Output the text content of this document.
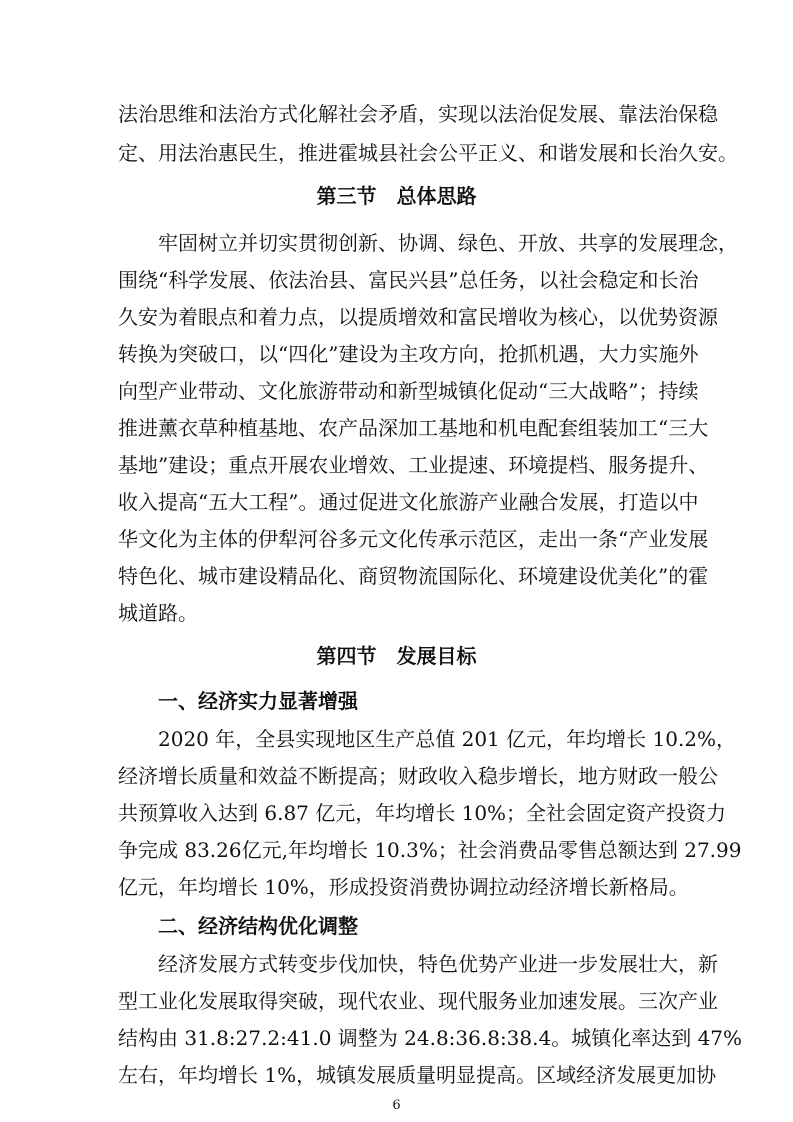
法治思维和法治方式化解社会矛盾，实现以法治促发展、靠法治保稳
定、用法治惠民生，推进霍城县社会公平正义、和谐发展和长治久安。
第三节　总体思路
牢固树立并切实贯彻创新、协调、绿色、开放、共享的发展理念，
围绕“科学发展、依法治县、富民兴县”总任务，以社会稳定和长治
久安为着眼点和着力点，以提质增效和富民增收为核心，以优势资源
转换为突破口，以“四化”建设为主攻方向，抢抓机遇，大力实施外
向型产业带动、文化旅游带动和新型城镇化促动“三大战略”；持续
推进薰衣草种植基地、农产品深加工基地和机电配套组装加工“三大
基地”建设；重点开展农业增效、工业提速、环境提档、服务提升、
收入提高“五大工程”。通过促进文化旅游产业融合发展，打造以中
华文化为主体的伊犁河谷多元文化传承示范区，走出一条“产业发展
特色化、城市建设精品化、商贸物流国际化、环境建设优美化”的霍
城道路。
第四节　发展目标
一、经济实力显著增强
2020 年，全县实现地区生产总值 201 亿元，年均增长 10.2%，
经济增长质量和效益不断提高；财政收入稳步增长，地方财政一般公
共预算收入达到 6.87 亿元，年均增长 10%；全社会固定资产投资力
争完成 83.26亿元,年均增长 10.3%；社会消费品零售总额达到 27.99
亿元，年均增长 10%，形成投资消费协调拉动经济增长新格局。
二、经济结构优化调整
经济发展方式转变步伐加快，特色优势产业进一步发展壮大，新
型工业化发展取得突破，现代农业、现代服务业加速发展。三次产业
结构由 31.8:27.2:41.0 调整为 24.8:36.8:38.4。城镇化率达到 47%
左右，年均增长 1%，城镇发展质量明显提高。区域经济发展更加协
6
